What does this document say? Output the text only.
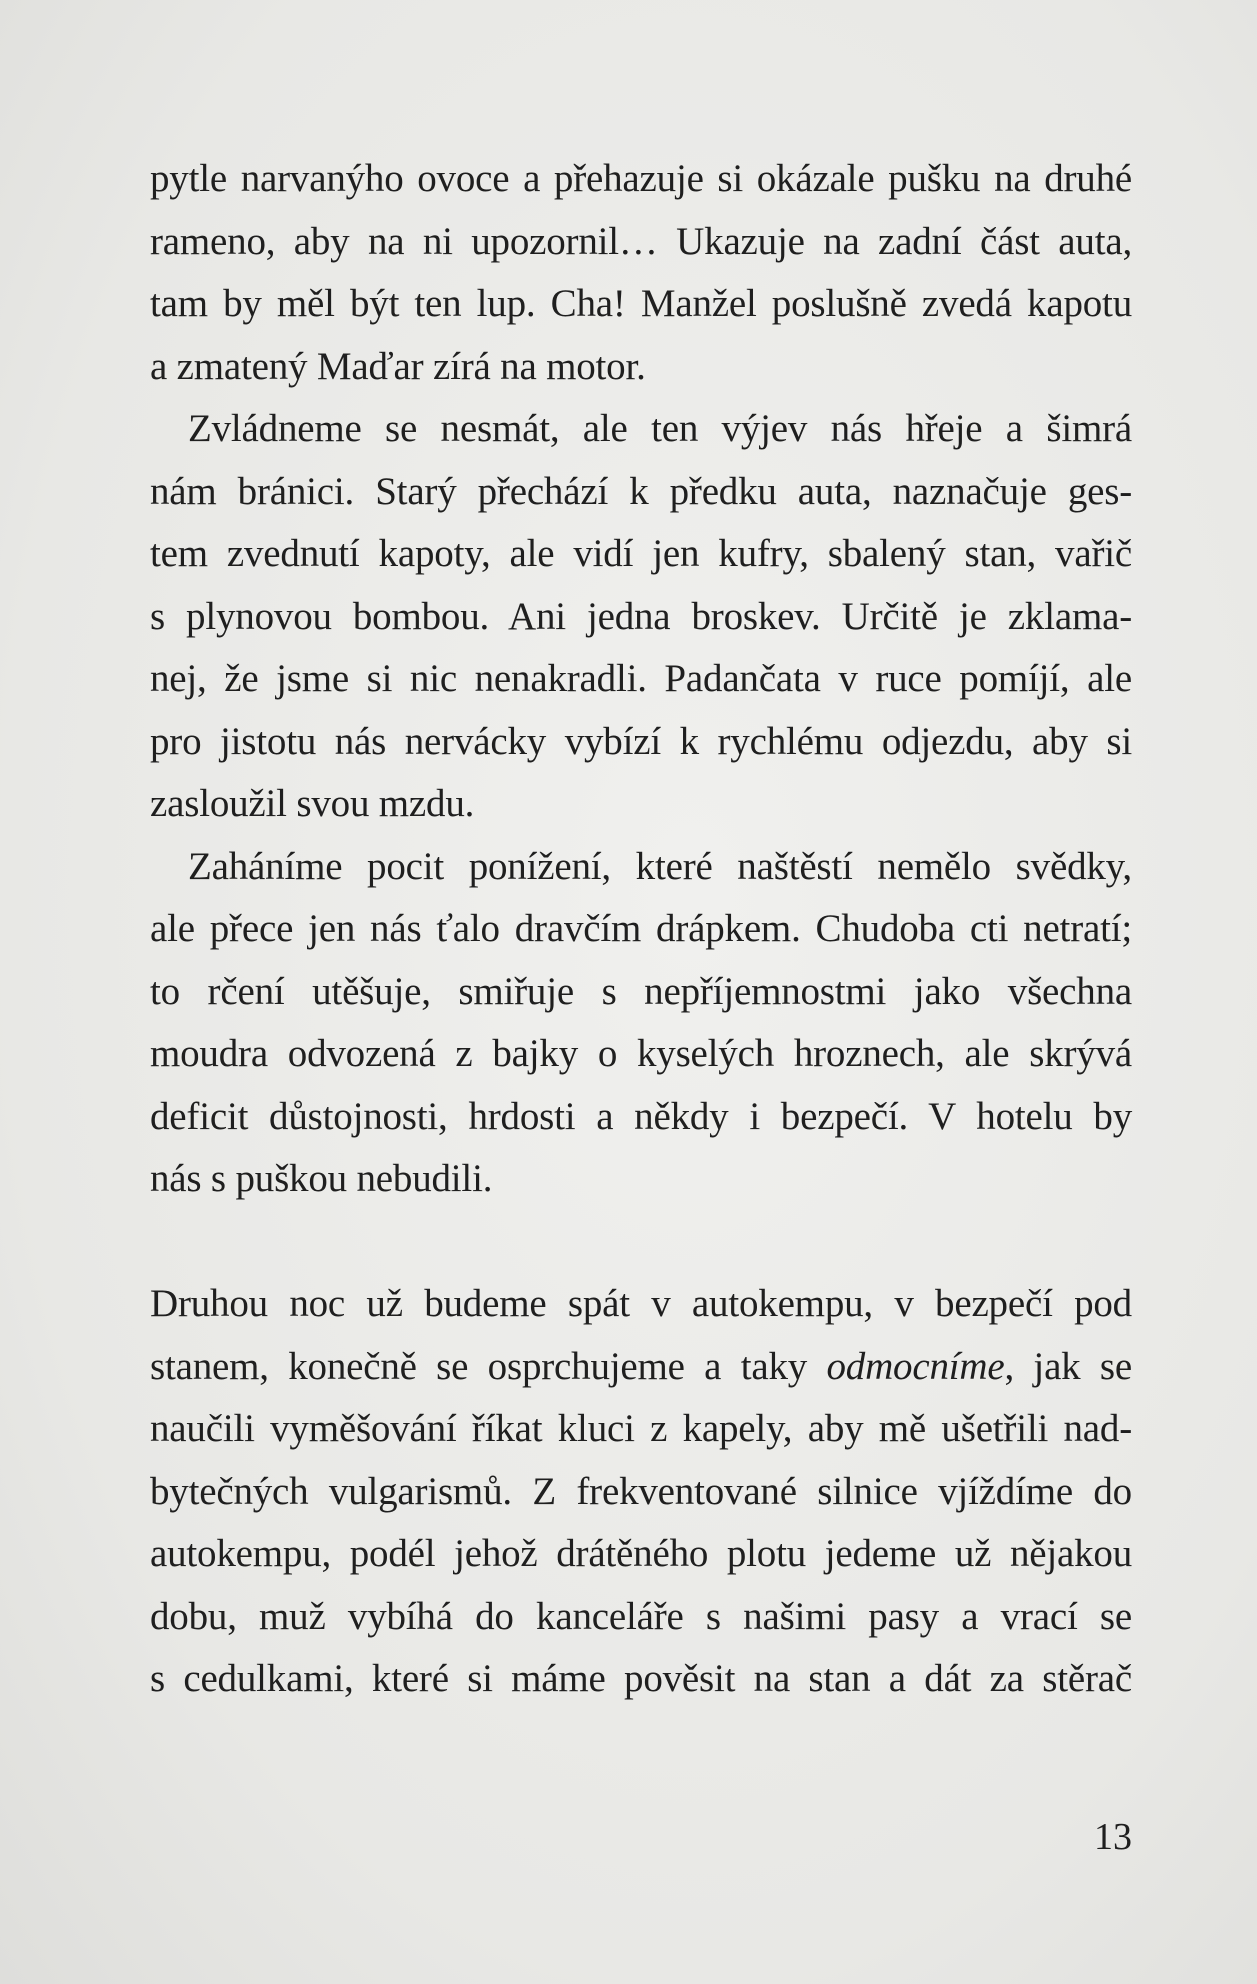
pytle narvanýho ovoce a přehazuje si okázale pušku na druhé
rameno, aby na ni upozornil… Ukazuje na zadní část auta,
tam by měl být ten lup. Cha! Manžel poslušně zvedá kapotu
a zmatený Maďar zírá na motor.
Zvládneme se nesmát, ale ten výjev nás hřeje a šimrá
nám bránici. Starý přechází k předku auta, naznačuje ges-
tem zvednutí kapoty, ale vidí jen kufry, sbalený stan, vařič
s plynovou bombou. Ani jedna broskev. Určitě je zklama-
nej, že jsme si nic nenakradli. Padančata v ruce pomíjí, ale
pro jistotu nás nervácky vybízí k rychlému odjezdu, aby si
zasloužil svou mzdu.
Zaháníme pocit ponížení, které naštěstí nemělo svědky,
ale přece jen nás ťalo dravčím drápkem. Chudoba cti netratí;
to rčení utěšuje, smiřuje s nepříjemnostmi jako všechna
moudra odvozená z bajky o kyselých hroznech, ale skrývá
deficit důstojnosti, hrdosti a někdy i bezpečí. V hotelu by
nás s puškou nebudili.
Druhou noc už budeme spát v autokempu, v bezpečí pod
stanem, konečně se osprchujeme a taky odmocníme, jak se
naučili vyměšování říkat kluci z kapely, aby mě ušetřili nad-
bytečných vulgarismů. Z frekventované silnice vjíždíme do
autokempu, podél jehož drátěného plotu jedeme už nějakou
dobu, muž vybíhá do kanceláře s našimi pasy a vrací se
s cedulkami, které si máme pověsit na stan a dát za stěrač
13
